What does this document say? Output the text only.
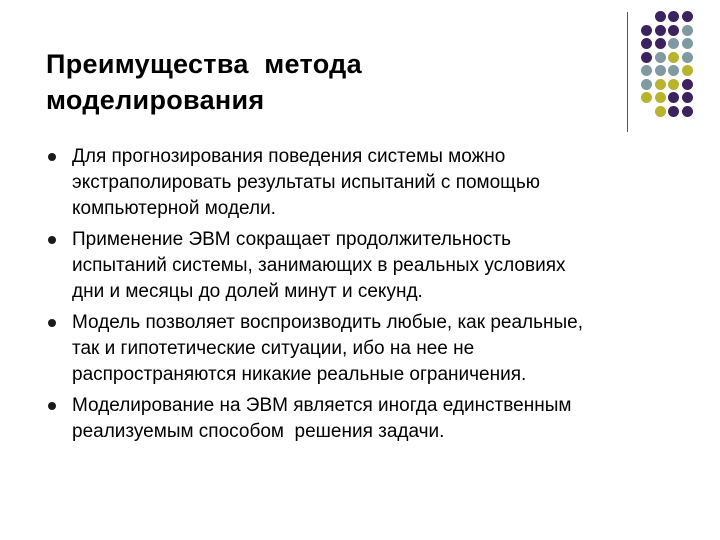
Преимущества  метода
моделирования
Для прогнозирования поведения системы можно
экстраполировать результаты испытаний с помощью
компьютерной модели.
Применение ЭВМ сокращает продолжительность
испытаний системы, занимающих в реальных условиях
дни и месяцы до долей минут и секунд.
Модель позволяет воспроизводить любые, как реальные,
так и гипотетические ситуации, ибо на нее не
распространяются никакие реальные ограничения.
Моделирование на ЭВМ является иногда единственным
реализуемым способом  решения задачи.
